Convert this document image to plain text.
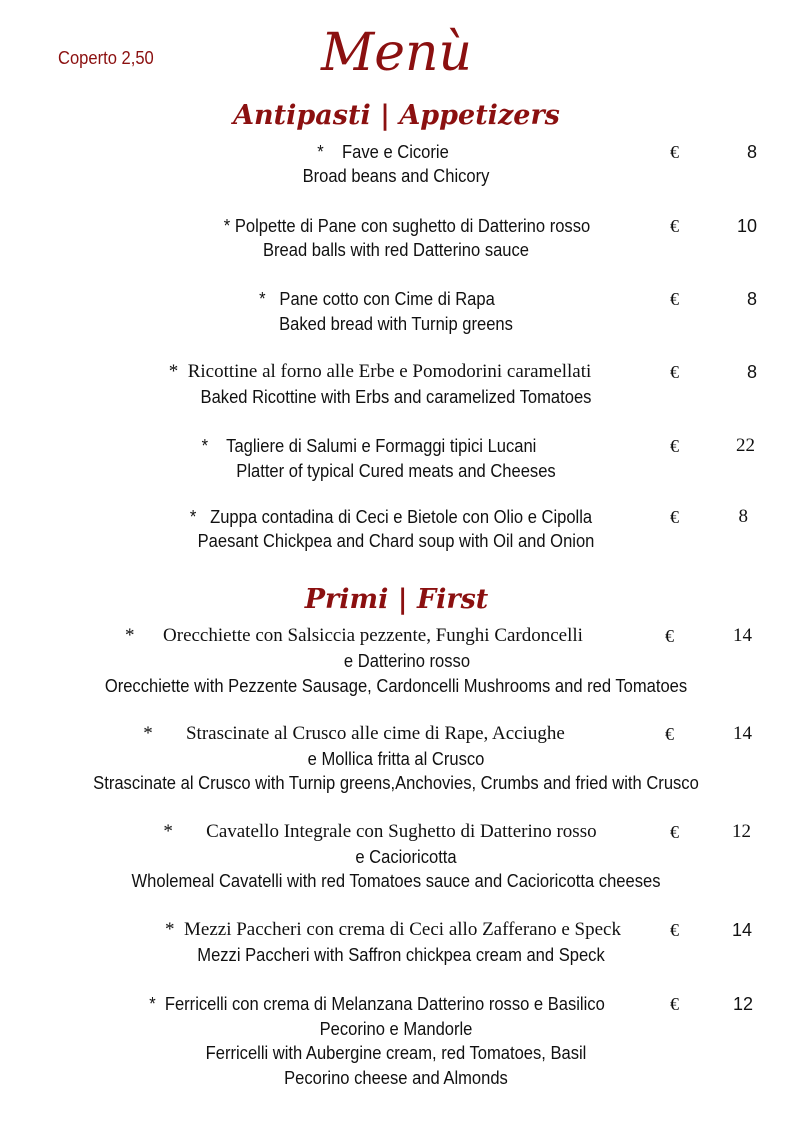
Coperto 2,50	Menù
Antipasti | Appetizers
*    Fave e Cicorie
Broad beans and Chicory
€	8
* Polpette di Pane con sughetto di Datterino rosso
Bread balls with red Datterino sauce
€	10
*   Pane cotto con Cime di Rapa
Baked bread with Turnip greens
€	8
*  Ricottine al forno alle Erbe e Pomodorini caramellati
Baked Ricottine with Erbs and caramelized Tomatoes
€	8
*    Tagliere di Salumi e Formaggi tipici Lucani
Platter of typical Cured meats and Cheeses
€	22
*   Zuppa contadina di Ceci e Bietole con Olio e Cipolla
Paesant Chickpea and Chard soup with Oil and Onion
€	8
Primi | First
*      Orecchiette con Salsiccia pezzente, Funghi Cardoncelli
e Datterino rosso
Orecchiette with Pezzente Sausage, Cardoncelli Mushrooms and red Tomatoes
€	14
*       Strascinate al Crusco alle cime di Rape, Acciughe
e Mollica fritta al Crusco
Strascinate al Crusco with Turnip greens,Anchovies, Crumbs and fried with Crusco
€	14
*       Cavatello Integrale con Sughetto di Datterino rosso
e Cacioricotta
Wholemeal Cavatelli with red Tomatoes sauce and Cacioricotta cheeses
€	12
*  Mezzi Paccheri con crema di Ceci allo Zafferano e Speck
Mezzi Paccheri with Saffron chickpea cream and Speck
€	14
*  Ferricelli con crema di Melanzana Datterino rosso e Basilico
Pecorino e Mandorle
Ferricelli with Aubergine cream, red Tomatoes, Basil
Pecorino cheese and Almonds
€	12
